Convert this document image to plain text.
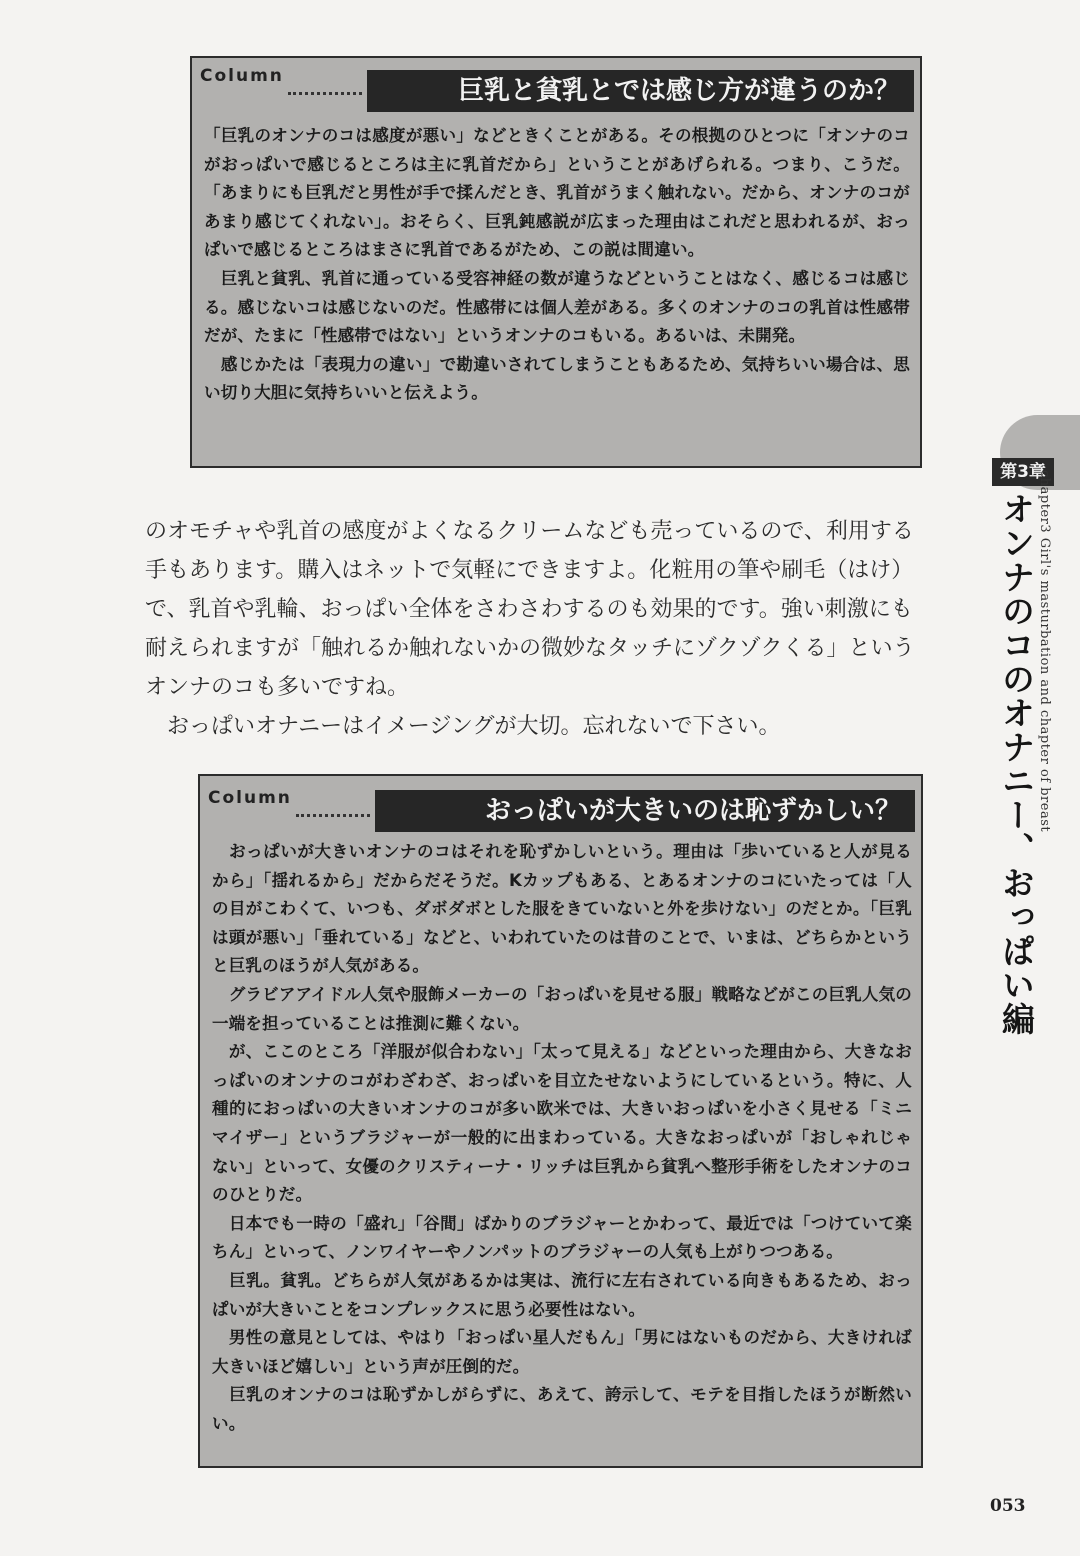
Column	巨乳と貧乳とでは感じ方が違うのか？

「巨乳のオンナのコは感度が悪い」などときくことがある。その根拠のひとつに「オンナのコがおっぱいで感じるところは主に乳首だから」ということがあげられる。つまり、こうだ。「あまりにも巨乳だと男性が手で揉んだとき、乳首がうまく触れない。だから、オンナのコがあまり感じてくれない」。おそらく、巨乳鈍感説が広まった理由はこれだと思われるが、おっぱいで感じるところはまさに乳首であるがため、この説は間違い。

　巨乳と貧乳、乳首に通っている受容神経の数が違うなどということはなく、感じるコは感じる。感じないコは感じないのだ。性感帯には個人差がある。多くのオンナのコの乳首は性感帯だが、たまに「性感帯ではない」というオンナのコもいる。あるいは、未開発。

　感じかたは「表現力の違い」で勘違いされてしまうこともあるため、気持ちいい場合は、思い切り大胆に気持ちいいと伝えよう。

のオモチャや乳首の感度がよくなるクリームなども売っているので、利用する手もあります。購入はネットで気軽にできますよ。化粧用の筆や刷毛（はけ）で、乳首や乳輪、おっぱい全体をさわさわするのも効果的です。強い刺激にも耐えられますが「触れるか触れないかの微妙なタッチにゾクゾクくる」というオンナのコも多いですね。

　おっぱいオナニーはイメージングが大切。忘れないで下さい。

Column	おっぱいが大きいのは恥ずかしい？

　おっぱいが大きいオンナのコはそれを恥ずかしいという。理由は「歩いていると人が見るから」「揺れるから」だからだそうだ。Kカップもある、とあるオンナのコにいたっては「人の目がこわくて、いつも、ダボダボとした服をきていないと外を歩けない」のだとか。「巨乳は頭が悪い」「垂れている」などと、いわれていたのは昔のことで、いまは、どちらかというと巨乳のほうが人気がある。

　グラビアアイドル人気や服飾メーカーの「おっぱいを見せる服」戦略などがこの巨乳人気の一端を担っていることは推測に難くない。

　が、ここのところ「洋服が似合わない」「太って見える」などといった理由から、大きなおっぱいのオンナのコがわざわざ、おっぱいを目立たせないようにしているという。特に、人種的におっぱいの大きいオンナのコが多い欧米では、大きいおっぱいを小さく見せる「ミニマイザー」というブラジャーが一般的に出まわっている。大きなおっぱいが「おしゃれじゃない」といって、女優のクリスティーナ・リッチは巨乳から貧乳へ整形手術をしたオンナのコのひとりだ。

　日本でも一時の「盛れ」「谷間」ばかりのブラジャーとかわって、最近では「つけていて楽ちん」といって、ノンワイヤーやノンパットのブラジャーの人気も上がりつつある。

　巨乳。貧乳。どちらが人気があるかは実は、流行に左右されている向きもあるため、おっぱいが大きいことをコンプレックスに思う必要性はない。

　男性の意見としては、やはり「おっぱい星人だもん」「男にはないものだから、大きければ大きいほど嬉しい」という声が圧倒的だ。

　巨乳のオンナのコは恥ずかしがらずに、あえて、誇示して、モテを目指したほうが断然いい。

第3章
chapter3 Girl's masturbation and chapter of breast
オンナのコのオナニー、おっぱい編
053
